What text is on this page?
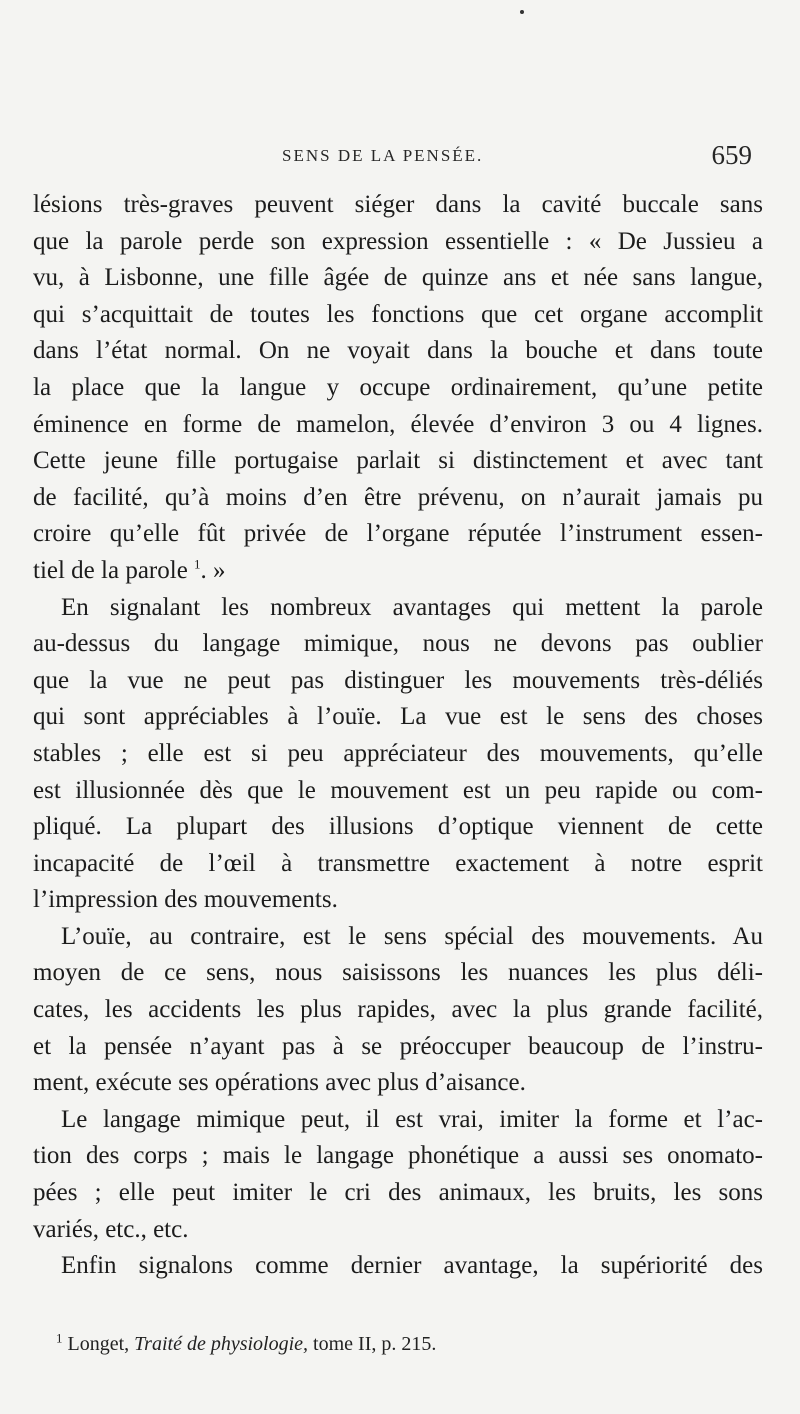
SENS DE LA PENSÉE.	659
lésions très-graves peuvent siéger dans la cavité buccale sans
que la parole perde son expression essentielle : « De Jussieu a
vu, à Lisbonne, une fille âgée de quinze ans et née sans langue,
qui s’acquittait de toutes les fonctions que cet organe accomplit
dans l’état normal. On ne voyait dans la bouche et dans toute
la place que la langue y occupe ordinairement, qu’une petite
éminence en forme de mamelon, élevée d’environ 3 ou 4 lignes.
Cette jeune fille portugaise parlait si distinctement et avec tant
de facilité, qu’à moins d’en être prévenu, on n’aurait jamais pu
croire qu’elle fût privée de l’organe réputée l’instrument essen-
tiel de la parole $^1$. »
En signalant les nombreux avantages qui mettent la parole
au-dessus du langage mimique, nous ne devons pas oublier
que la vue ne peut pas distinguer les mouvements très-déliés
qui sont appréciables à l’ouïe. La vue est le sens des choses
stables ; elle est si peu appréciateur des mouvements, qu’elle
est illusionnée dès que le mouvement est un peu rapide ou com-
pliqué. La plupart des illusions d’optique viennent de cette
incapacité de l’œil à transmettre exactement à notre esprit
l’impression des mouvements.
L’ouïe, au contraire, est le sens spécial des mouvements. Au
moyen de ce sens, nous saisissons les nuances les plus déli-
cates, les accidents les plus rapides, avec la plus grande facilité,
et la pensée n’ayant pas à se préoccuper beaucoup de l’instru-
ment, exécute ses opérations avec plus d’aisance.
Le langage mimique peut, il est vrai, imiter la forme et l’ac-
tion des corps ; mais le langage phonétique a aussi ses onomato-
pées ; elle peut imiter le cri des animaux, les bruits, les sons
variés, etc., etc.
Enfin signalons comme dernier avantage, la supériorité des
$^1$ Longet, Traité de physiologie, tome II, p. 215.
